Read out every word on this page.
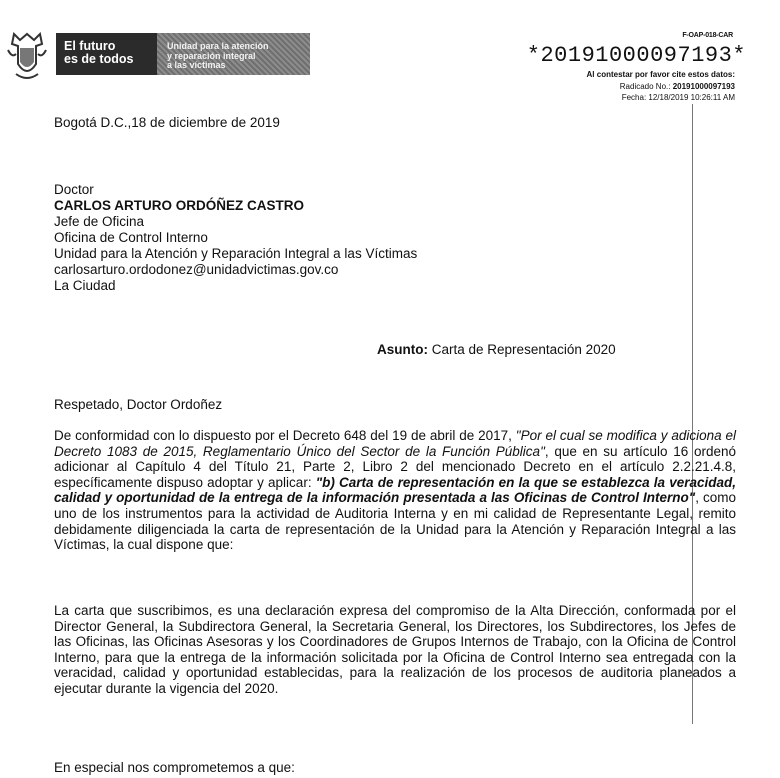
El futuro
es de todos
Unidad para la atención
y reparación integral
a las víctimas
F-OAP-018-CAR
*20191000097193*
Al contestar por favor cite estos datos:
Radicado No.: 20191000097193
Fecha: 12/18/2019 10:26:11 AM
Bogotá D.C.,18 de diciembre de 2019
Doctor
CARLOS ARTURO ORDÓÑEZ CASTRO
Jefe de Oficina
Oficina de Control Interno
Unidad para la Atención y Reparación Integral a las Víctimas
carlosarturo.ordodonez@unidadvictimas.gov.co
La Ciudad
Asunto: Carta de Representación 2020
Respetado, Doctor Ordoñez
De conformidad con lo dispuesto por el Decreto 648 del 19 de abril de 2017, "Por el cual se modifica y adiciona el Decreto 1083 de 2015, Reglamentario Único del Sector de la Función Pública", que en su artículo 16 ordenó adicionar al Capítulo 4 del Título 21, Parte 2, Libro 2 del mencionado Decreto en el artículo 2.2.21.4.8, específicamente dispuso adoptar y aplicar: "b) Carta de representación en la que se establezca la veracidad, calidad y oportunidad de la entrega de la información presentada a las Oficinas de Control Interno", como uno de los instrumentos para la actividad de Auditoria Interna y en mi calidad de Representante Legal, remito debidamente diligenciada la carta de representación de la Unidad para la Atención y Reparación Integral a las Víctimas, la cual dispone que:
La carta que suscribimos, es una declaración expresa del compromiso de la Alta Dirección, conformada por el Director General, la Subdirectora General, la Secretaria General, los Directores, los Subdirectores, los Jefes de las Oficinas, las Oficinas Asesoras y los Coordinadores de Grupos Internos de Trabajo, con la Oficina de Control Interno, para que la entrega de la información solicitada por la Oficina de Control Interno sea entregada con la veracidad, calidad y oportunidad establecidas, para la realización de los procesos de auditoria planeados a ejecutar durante la vigencia del 2020.
En especial nos comprometemos a que:
